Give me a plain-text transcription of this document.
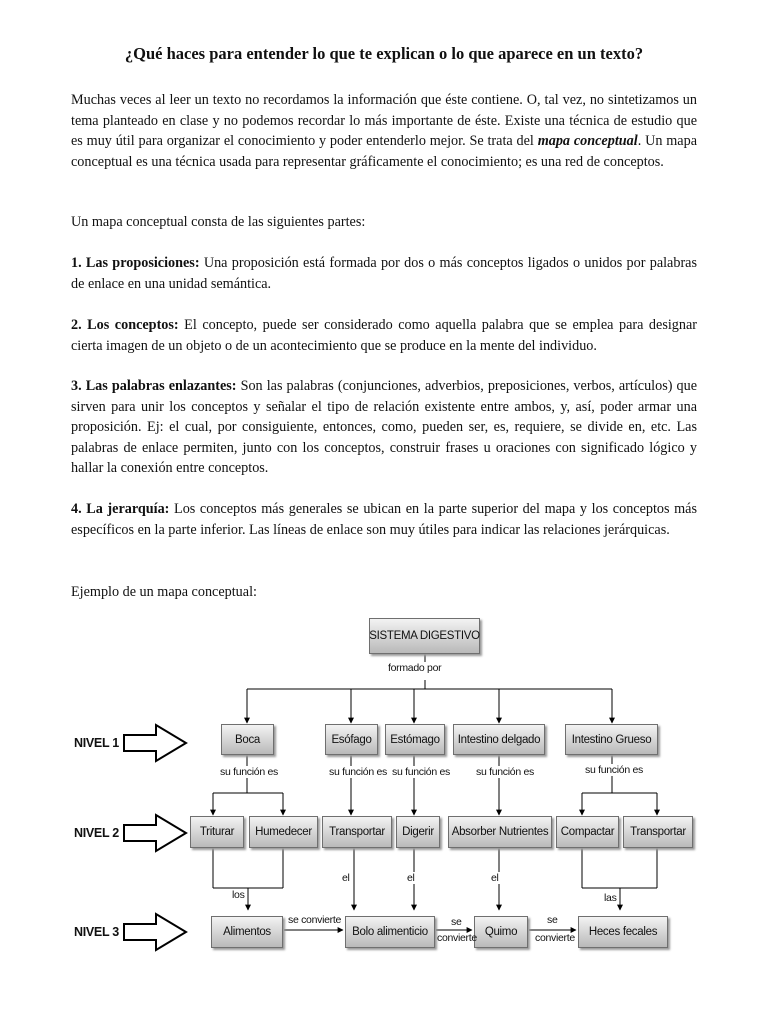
¿Qué haces para entender lo que te explican o lo que aparece en un texto?

Muchas veces al leer un texto no recordamos la información que éste contiene. O, tal vez, no sintetizamos un tema planteado en clase y no podemos recordar lo más importante de éste. Existe una técnica de estudio que es muy útil para organizar el conocimiento y poder entenderlo mejor. Se trata del mapa conceptual. Un mapa conceptual es una técnica usada para representar gráficamente el conocimiento; es una red de conceptos.

Un mapa conceptual consta de las siguientes partes:

1. Las proposiciones: Una proposición está formada por dos o más conceptos ligados o unidos por palabras de enlace en una unidad semántica.

2. Los conceptos: El concepto, puede ser considerado como aquella palabra que se emplea para designar cierta imagen de un objeto o de un acontecimiento que se produce en la mente del individuo.

3. Las palabras enlazantes: Son las palabras (conjunciones, adverbios, preposiciones, verbos, artículos) que sirven para unir los conceptos y señalar el tipo de relación existente entre ambos, y, así, poder armar una proposición. Ej: el cual, por consiguiente, entonces, como, pueden ser, es, requiere, se divide en, etc. Las palabras de enlace permiten, junto con los conceptos, construir frases u oraciones con significado lógico y hallar la conexión entre conceptos.

4. La jerarquía: Los conceptos más generales se ubican en la parte superior del mapa y los conceptos más específicos en la parte inferior. Las líneas de enlace son muy útiles para indicar las relaciones jerárquicas.

Ejemplo de un mapa conceptual:

SISTEMA DIGESTIVO
formado por
NIVEL 1
NIVEL 2
NIVEL 3
Boca	Esófago	Estómago	Intestino delgado	Intestino Grueso
su función es	su función es su función es su función es	su función es
Triturar	Humedecer	Transportar	Digerir	Absorber Nutrientes	Compactar	Transportar
el	el	el
los	las
Alimentos	Bolo alimenticio	Quimo	Heces fecales
se convierte	se
convierte
se
convierte
